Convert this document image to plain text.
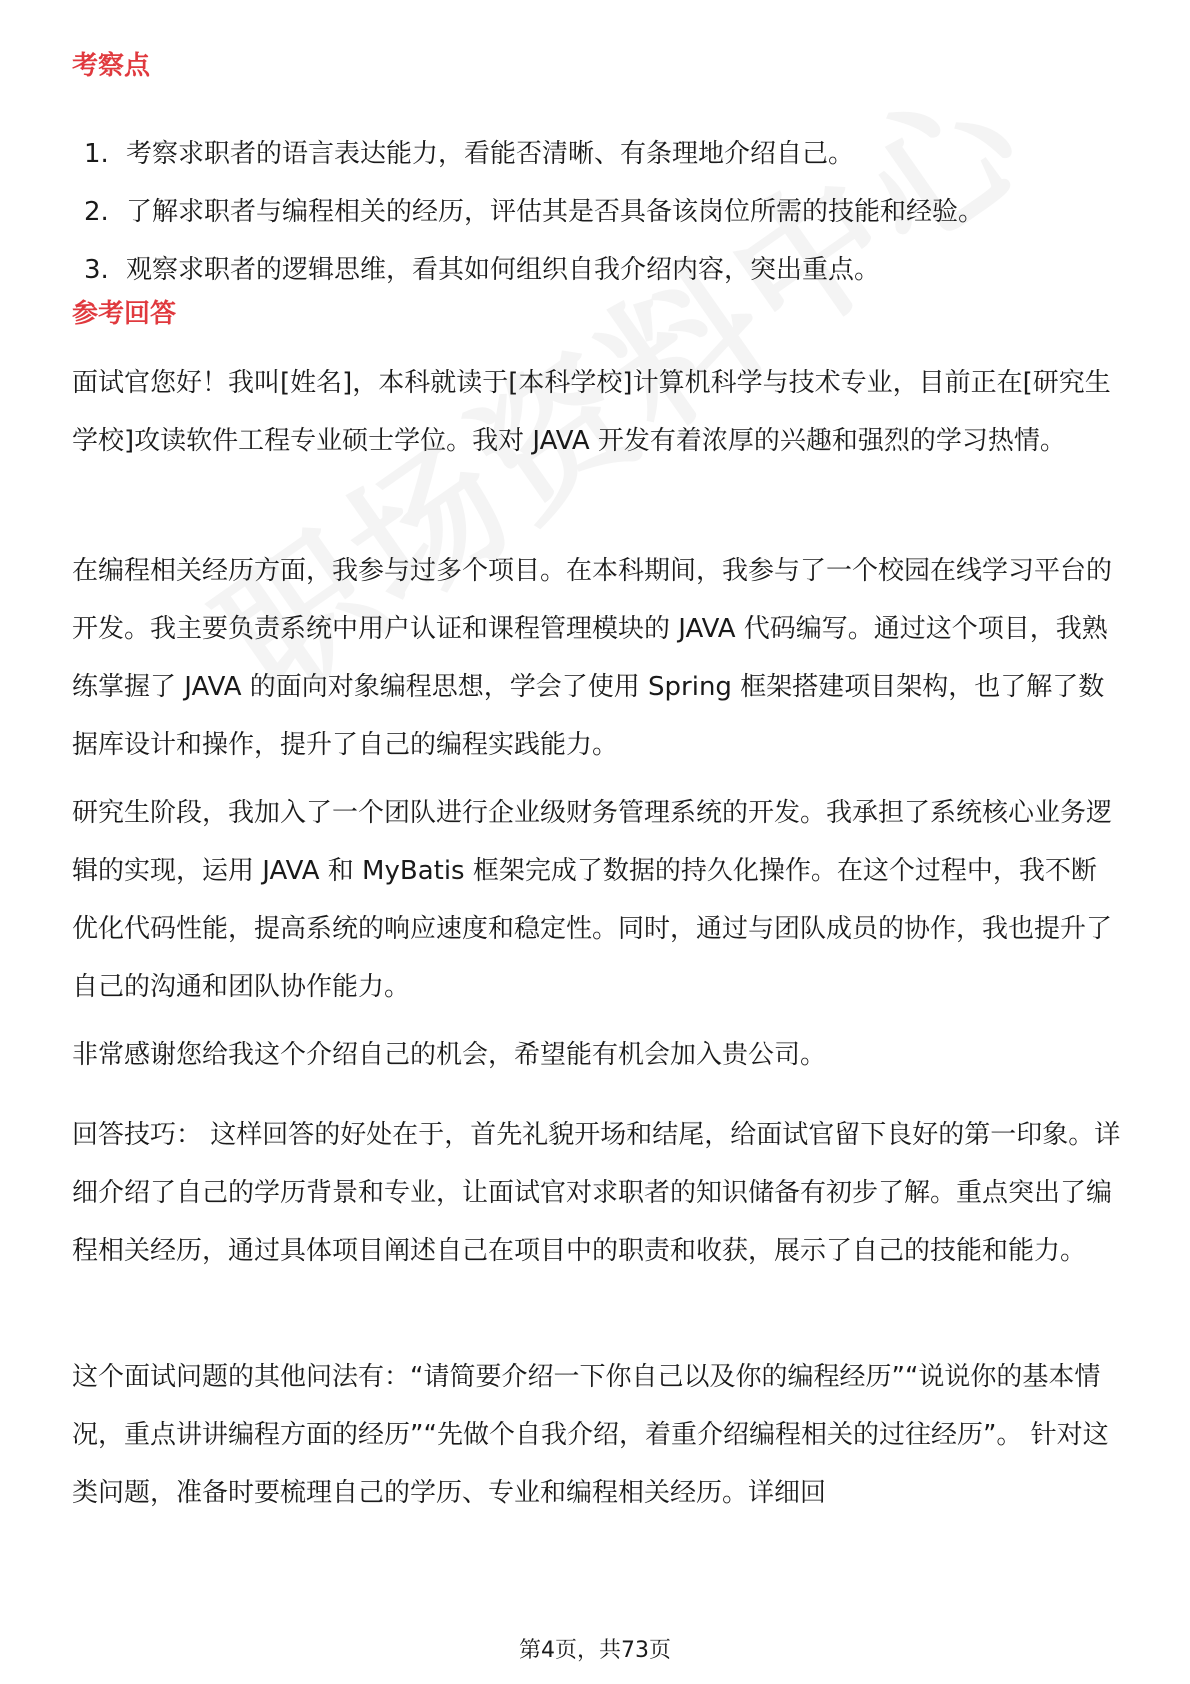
考察点
1. 考察求职者的语言表达能力，看能否清晰、有条理地介绍自己。
2. 了解求职者与编程相关的经历，评估其是否具备该岗位所需的技能和经验。
3. 观察求职者的逻辑思维，看其如何组织自我介绍内容，突出重点。
参考回答

面试官您好！我叫[姓名]，本科就读于[本科学校]计算机科学与技术专业，目前正在[研究生学校]攻读软件工程专业硕士学位。我对 JAVA 开发有着浓厚的兴趣和强烈的学习热情。

在编程相关经历方面，我参与过多个项目。在本科期间，我参与了一个校园在线学习平台的开发。我主要负责系统中用户认证和课程管理模块的 JAVA 代码编写。通过这个项目，我熟练掌握了 JAVA 的面向对象编程思想，学会了使用 Spring 框架搭建项目架构，也了解了数据库设计和操作，提升了自己的编程实践能力。

研究生阶段，我加入了一个团队进行企业级财务管理系统的开发。我承担了系统核心业务逻辑的实现，运用 JAVA 和 MyBatis 框架完成了数据的持久化操作。在这个过程中，我不断优化代码性能，提高系统的响应速度和稳定性。同时，通过与团队成员的协作，我也提升了自己的沟通和团队协作能力。

非常感谢您给我这个介绍自己的机会，希望能有机会加入贵公司。

回答技巧： 这样回答的好处在于，首先礼貌开场和结尾，给面试官留下良好的第一印象。详细介绍了自己的学历背景和专业，让面试官对求职者的知识储备有初步了解。重点突出了编程相关经历，通过具体项目阐述自己在项目中的职责和收获，展示了自己的技能和能力。

这个面试问题的其他问法有：“请简要介绍一下你自己以及你的编程经历”“说说你的基本情况，重点讲讲编程方面的经历”“先做个自我介绍，着重介绍编程相关的过往经历”。 针对这类问题，准备时要梳理自己的学历、专业和编程相关经历。详细回

第4页，共73页
